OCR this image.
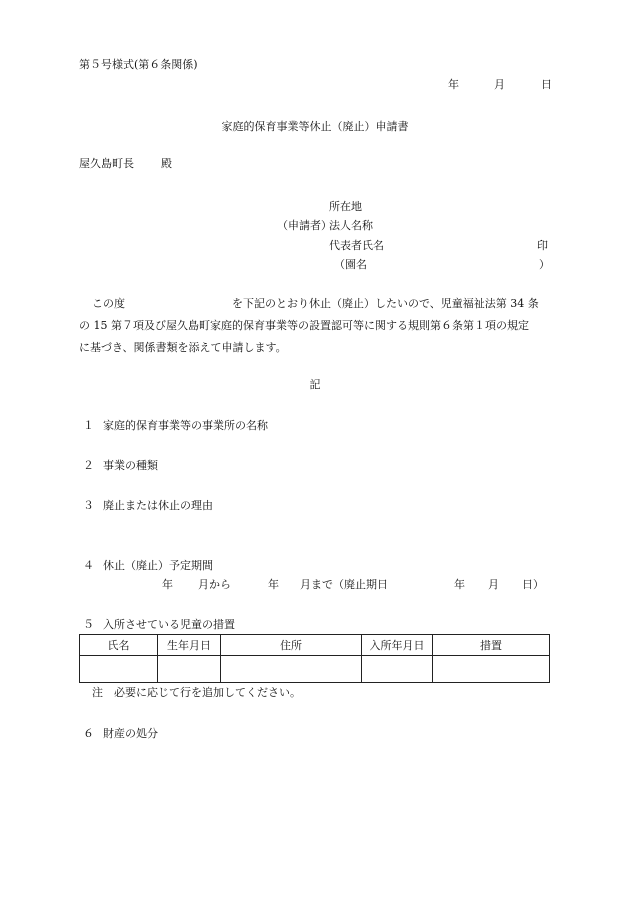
第５号様式(第６条関係)
年	月	日
家庭的保育事業等休止（廃止）申請書
屋久島町長 殿
所在地
（申請者）
法人名称
代表者氏名	印
（園名	）
この度	を下記のとおり休止（廃止）したいので、児童福祉法第 34 条
の 15 第７項及び屋久島町家庭的保育事業等の設置認可等に関する規則第６条第１項の規定
に基づき、関係書類を添えて申請します。
記
１ 家庭的保育事業等の事業所の名称
２ 事業の種類
３ 廃止または休止の理由
４ 休止（廃止）予定期間
年 月から	年 月まで（廃止期日	年 月 日）
５ 入所させている児童の措置
氏名	生年月日	住所	入所年月日	措置

注　必要に応じて行を追加してください。
６ 財産の処分
